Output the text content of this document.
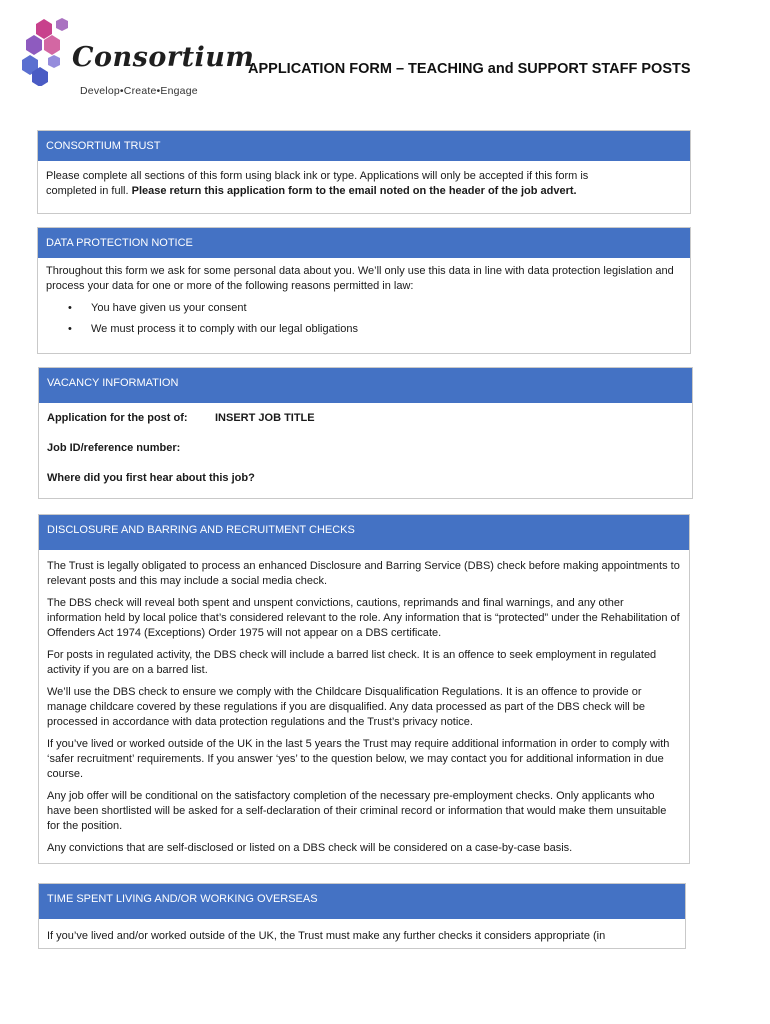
Consortium
Develop•Create•Engage
APPLICATION FORM – TEACHING and SUPPORT STAFF POSTS
CONSORTIUM TRUST
Please complete all sections of this form using black ink or type. Applications will only be accepted if this form is
completed in full. Please return this application form to the email noted on the header of the job advert.
DATA PROTECTION NOTICE

Throughout this form we ask for some personal data about you. We’ll only use this data in line with data protection legislation and process your data for one or more of the following reasons permitted in law:

• You have given us your consent
• We must process it to comply with our legal obligations
VACANCY INFORMATION
Application for the post of:	INSERT JOB TITLE
Job ID/reference number:
Where did you first hear about this job?
DISCLOSURE AND BARRING AND RECRUITMENT CHECKS

The Trust is legally obligated to process an enhanced Disclosure and Barring Service (DBS) check before making appointments to relevant posts and this may include a social media check.

The DBS check will reveal both spent and unspent convictions, cautions, reprimands and final warnings, and any other information held by local police that’s considered relevant to the role. Any information that is “protected” under the Rehabilitation of Offenders Act 1974 (Exceptions) Order 1975 will not appear on a DBS certificate.

For posts in regulated activity, the DBS check will include a barred list check. It is an offence to seek employment in regulated activity if you are on a barred list.

We’ll use the DBS check to ensure we comply with the Childcare Disqualification Regulations. It is an offence to provide or manage childcare covered by these regulations if you are disqualified. Any data processed as part of the DBS check will be processed in accordance with data protection regulations and the Trust’s privacy notice.

If you’ve lived or worked outside of the UK in the last 5 years the Trust may require additional information in order to comply with ‘safer recruitment’ requirements. If you answer ‘yes’ to the question below, we may contact you for additional information in due course.

Any job offer will be conditional on the satisfactory completion of the necessary pre-employment checks. Only applicants who have been shortlisted will be asked for a self-declaration of their criminal record or information that would make them unsuitable for the position.

Any convictions that are self-disclosed or listed on a DBS check will be considered on a case-by-case basis.

TIME SPENT LIVING AND/OR WORKING OVERSEAS
If you’ve lived and/or worked outside of the UK, the Trust must make any further checks it considers appropriate (in
